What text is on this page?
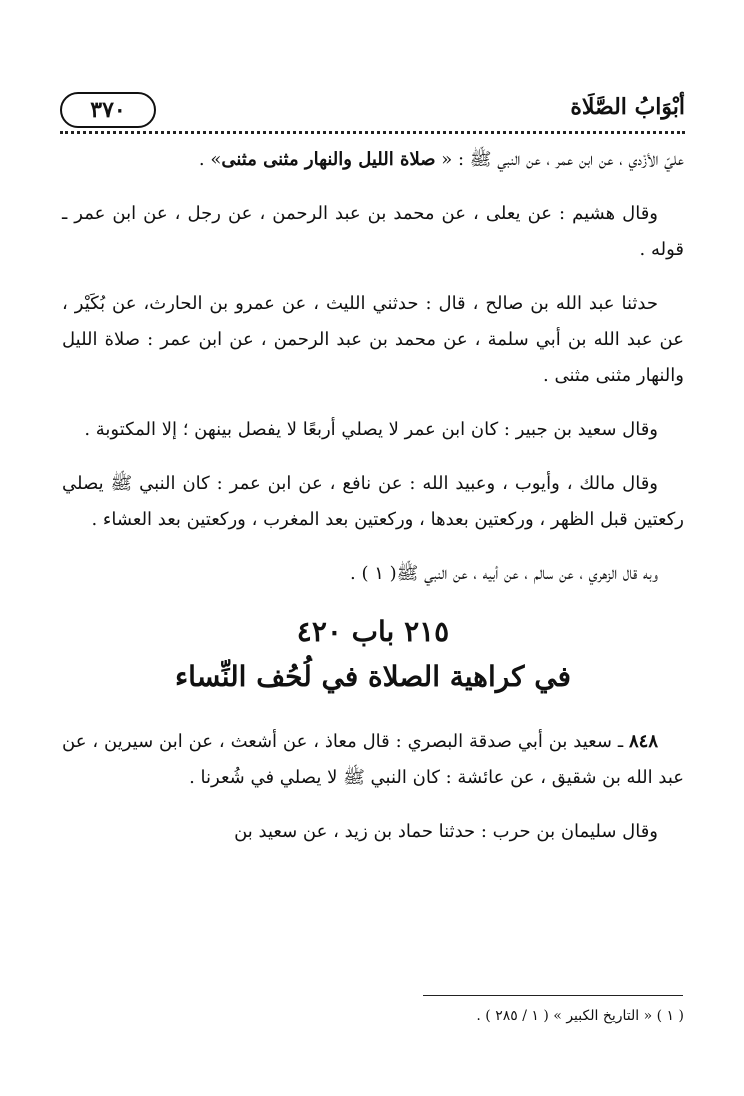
أبْوَابُ الصَّلَاة
٣٧٠

عليّ الأزْدي ، عن ابن عمر ، عن النبي ﷺ : « صلاة الليل والنهار مثنى مثنى» .

وقال هشيم : عن يعلى ، عن محمد بن عبد الرحمن ، عن رجل ، عن ابن عمر ـ قوله .

حدثنا عبد الله بن صالح ، قال : حدثني الليث ، عن عمرو بن الحارث، عن بُكَيْر ، عن عبد الله بن أبي سلمة ، عن محمد بن عبد الرحمن ، عن ابن عمر : صلاة الليل والنهار مثنى مثنى .

وقال سعيد بن جبير : كان ابن عمر لا يصلي أربعًا لا يفصل بينهن ؛ إلا المكتوبة .

وقال مالك ، وأيوب ، وعبيد الله : عن نافع ، عن ابن عمر : كان النبي ﷺ يصلي ركعتين قبل الظهر ، وركعتين بعدها ، وركعتين بعد المغرب ، وركعتين بعد العشاء .

وبه قال الزهري ، عن سالم ، عن أبيه ، عن النبي ﷺ( ١ ) .

٢١٥ باب ٤٢٠
في كراهية الصلاة في لُحُف النِّساء

٨٤٨ ـ سعيد بن أبي صدقة البصري : قال معاذ ، عن أشعث ، عن ابن سيرين ، عن عبد الله بن شقيق ، عن عائشة : كان النبي ﷺ لا يصلي في شُعرنا .

وقال سليمان بن حرب : حدثنا حماد بن زيد ، عن سعيد بن

( ١ ) « التاريخ الكبير » ( ١ / ٢٨٥ ) .
